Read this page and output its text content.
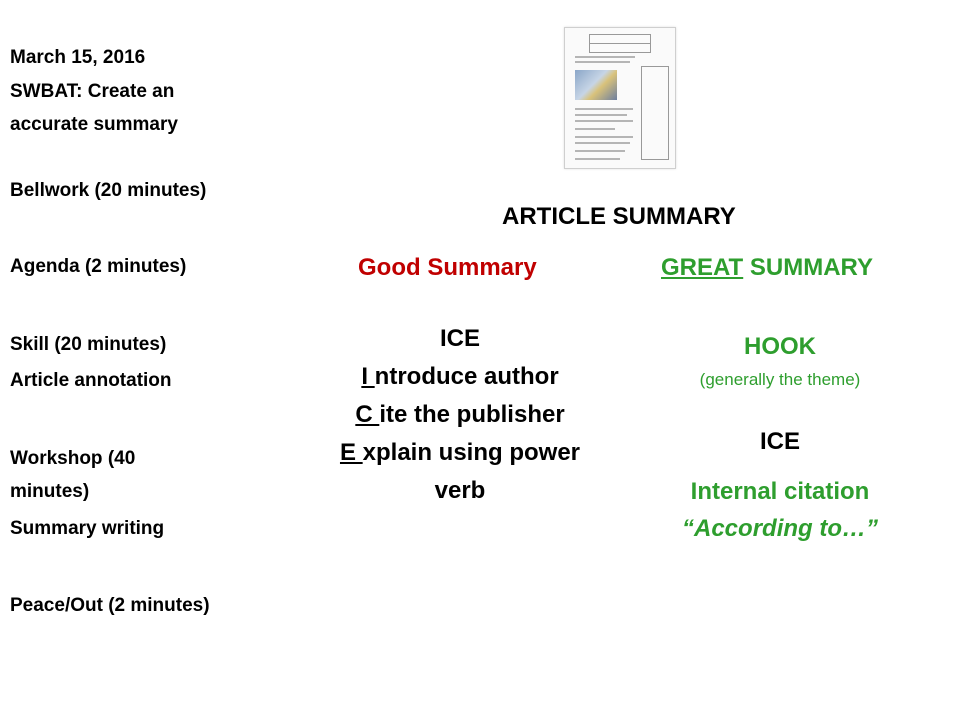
March 15, 2016
SWBAT: Create an
accurate summary
Bellwork (20 minutes)
Agenda (2 minutes)
Skill (20 minutes)
Article annotation
Workshop (40
minutes)
Summary writing
Peace/Out (2 minutes)
ARTICLE SUMMARY
Good Summary
ICE
I ntroduce author
C ite the publisher
E xplain using power
verb
GREAT SUMMARY
HOOK
(generally the theme)
ICE
Internal citation
“According to…”
